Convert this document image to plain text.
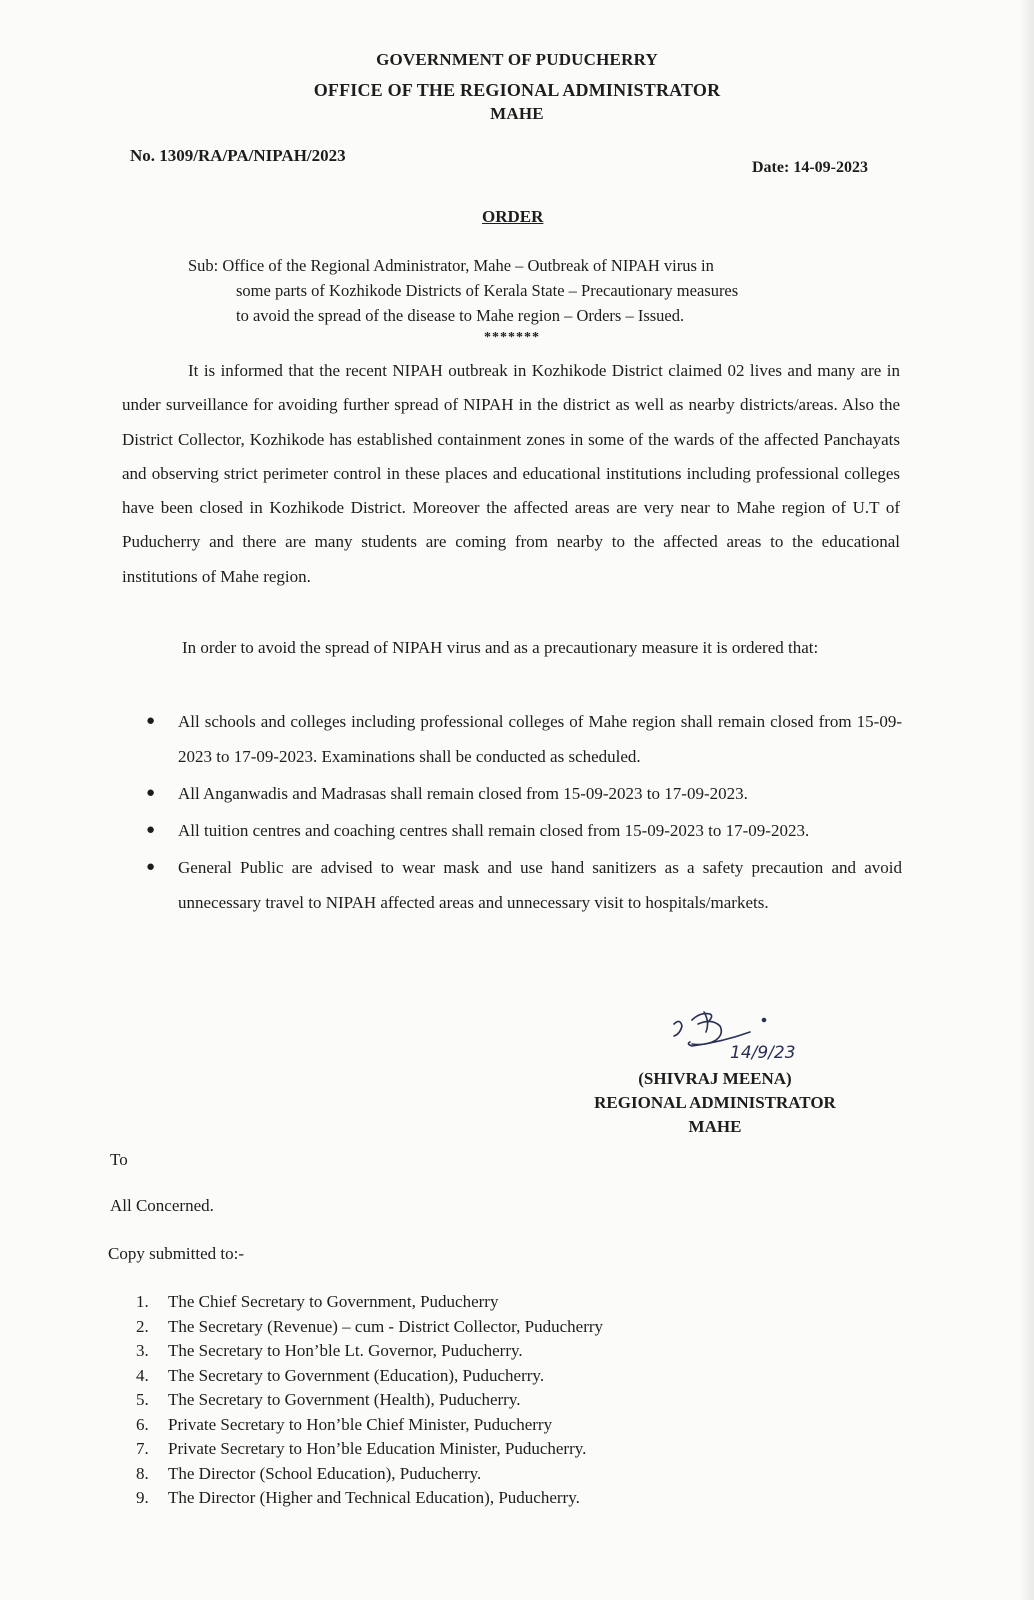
GOVERNMENT OF PUDUCHERRY
OFFICE OF THE REGIONAL ADMINISTRATOR
MAHE
No. 1309/RA/PA/NIPAH/2023
Date: 14-09-2023
ORDER
Sub: Office of the Regional Administrator, Mahe – Outbreak of NIPAH virus in
some parts of Kozhikode Districts of Kerala State – Precautionary measures
to avoid the spread of the disease to Mahe region – Orders – Issued.
*******
It is informed that the recent NIPAH outbreak in Kozhikode District claimed 02 lives and many are in under surveillance for avoiding further spread of NIPAH in the district as well as nearby districts/areas. Also the District Collector, Kozhikode has established containment zones in some of the wards of the affected Panchayats and observing strict perimeter control in these places and educational institutions including professional colleges have been closed in Kozhikode District. Moreover the affected areas are very near to Mahe region of U.T of Puducherry and there are many students are coming from nearby to the affected areas to the educational institutions of Mahe region.
In order to avoid the spread of NIPAH virus and as a precautionary measure it is ordered that:
● All schools and colleges including professional colleges of Mahe region shall remain closed from 15-09-2023 to 17-09-2023. Examinations shall be conducted as scheduled.
● All Anganwadis and Madrasas shall remain closed from 15-09-2023 to 17-09-2023.
● All tuition centres and coaching centres shall remain closed from 15-09-2023 to 17-09-2023.
● General Public are advised to wear mask and use hand sanitizers as a safety precaution and avoid unnecessary travel to NIPAH affected areas and unnecessary visit to hospitals/markets.
14/9/23
(SHIVRAJ MEENA)
REGIONAL ADMINISTRATOR
MAHE
To
All Concerned.
Copy submitted to:-
1. The Chief Secretary to Government, Puducherry
2. The Secretary (Revenue) – cum - District Collector, Puducherry
3. The Secretary to Hon’ble Lt. Governor, Puducherry.
4. The Secretary to Government (Education), Puducherry.
5. The Secretary to Government (Health), Puducherry.
6. Private Secretary to Hon’ble Chief Minister, Puducherry
7. Private Secretary to Hon’ble Education Minister, Puducherry.
8. The Director (School Education), Puducherry.
9. The Director (Higher and Technical Education), Puducherry.
